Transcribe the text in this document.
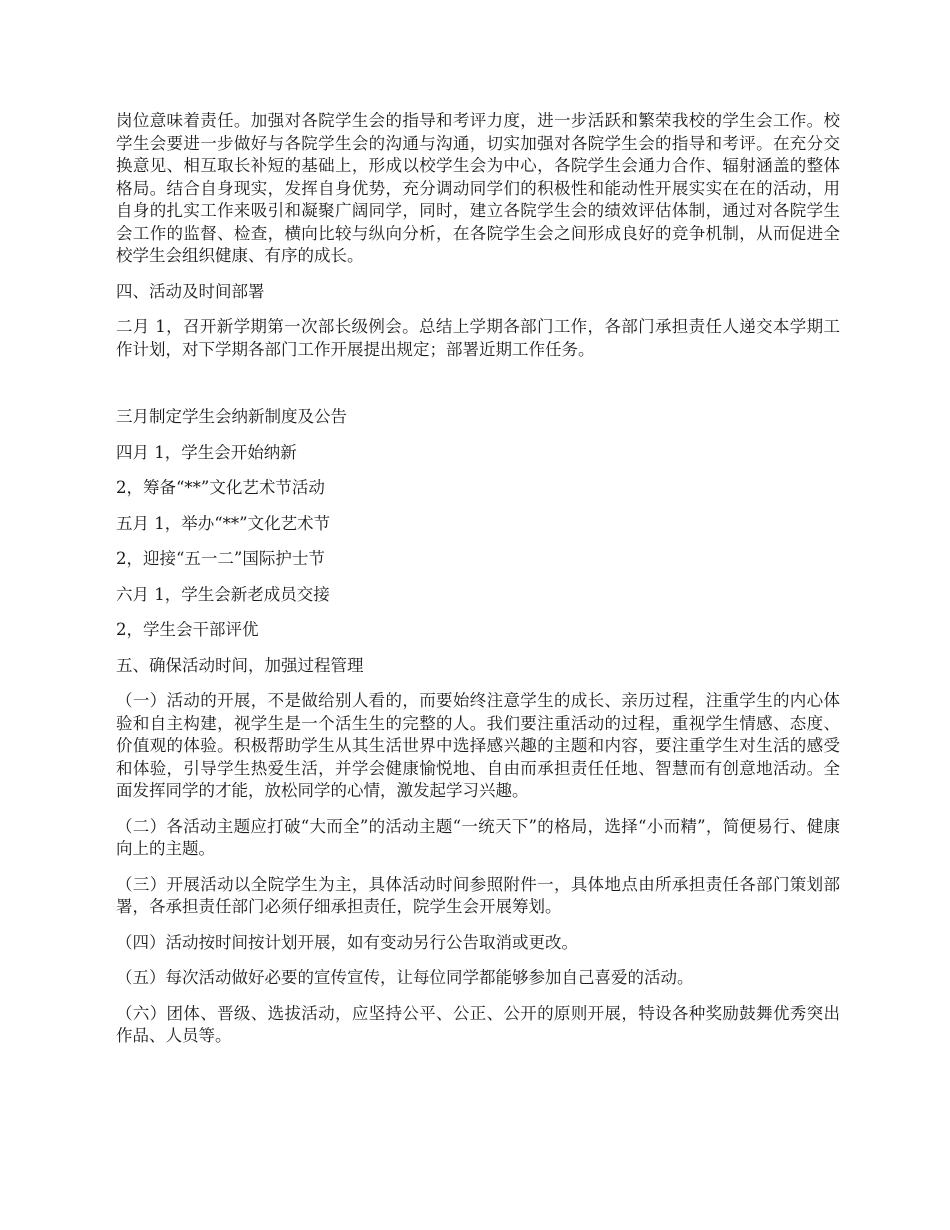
岗位意味着责任。加强对各院学生会的指导和考评力度，进一步活跃和繁荣我校的学生会工作。校学生会要进一步做好与各院学生会的沟通与沟通，切实加强对各院学生会的指导和考评。在充分交换意见、相互取长补短的基础上，形成以校学生会为中心，各院学生会通力合作、辐射涵盖的整体格局。结合自身现实，发挥自身优势，充分调动同学们的积极性和能动性开展实实在在的活动，用自身的扎实工作来吸引和凝聚广阔同学，同时，建立各院学生会的绩效评估体制，通过对各院学生会工作的监督、检查，横向比较与纵向分析，在各院学生会之间形成良好的竞争机制，从而促进全校学生会组织健康、有序的成长。

四、活动及时间部署

二月 1，召开新学期第一次部长级例会。总结上学期各部门工作，各部门承担责任人递交本学期工作计划，对下学期各部门工作开展提出规定；部署近期工作任务。

三月制定学生会纳新制度及公告

四月 1，学生会开始纳新

2，筹备“**”文化艺术节活动

五月 1，举办“**”文化艺术节

2，迎接“五一二”国际护士节

六月 1，学生会新老成员交接

2，学生会干部评优

五、确保活动时间，加强过程管理

（一）活动的开展，不是做给别人看的，而要始终注意学生的成长、亲历过程，注重学生的内心体验和自主构建，视学生是一个活生生的完整的人。我们要注重活动的过程，重视学生情感、态度、价值观的体验。积极帮助学生从其生活世界中选择感兴趣的主题和内容，要注重学生对生活的感受和体验，引导学生热爱生活，并学会健康愉悦地、自由而承担责任任地、智慧而有创意地活动。全面发挥同学的才能，放松同学的心情，激发起学习兴趣。

（二）各活动主题应打破“大而全”的活动主题“一统天下”的格局，选择“小而精”，简便易行、健康向上的主题。

（三）开展活动以全院学生为主，具体活动时间参照附件一，具体地点由所承担责任各部门策划部署，各承担责任部门必须仔细承担责任，院学生会开展筹划。

（四）活动按时间按计划开展，如有变动另行公告取消或更改。

（五）每次活动做好必要的宣传宣传，让每位同学都能够参加自己喜爱的活动。

（六）团体、晋级、选拔活动，应坚持公平、公正、公开的原则开展，特设各种奖励鼓舞优秀突出作品、人员等。
